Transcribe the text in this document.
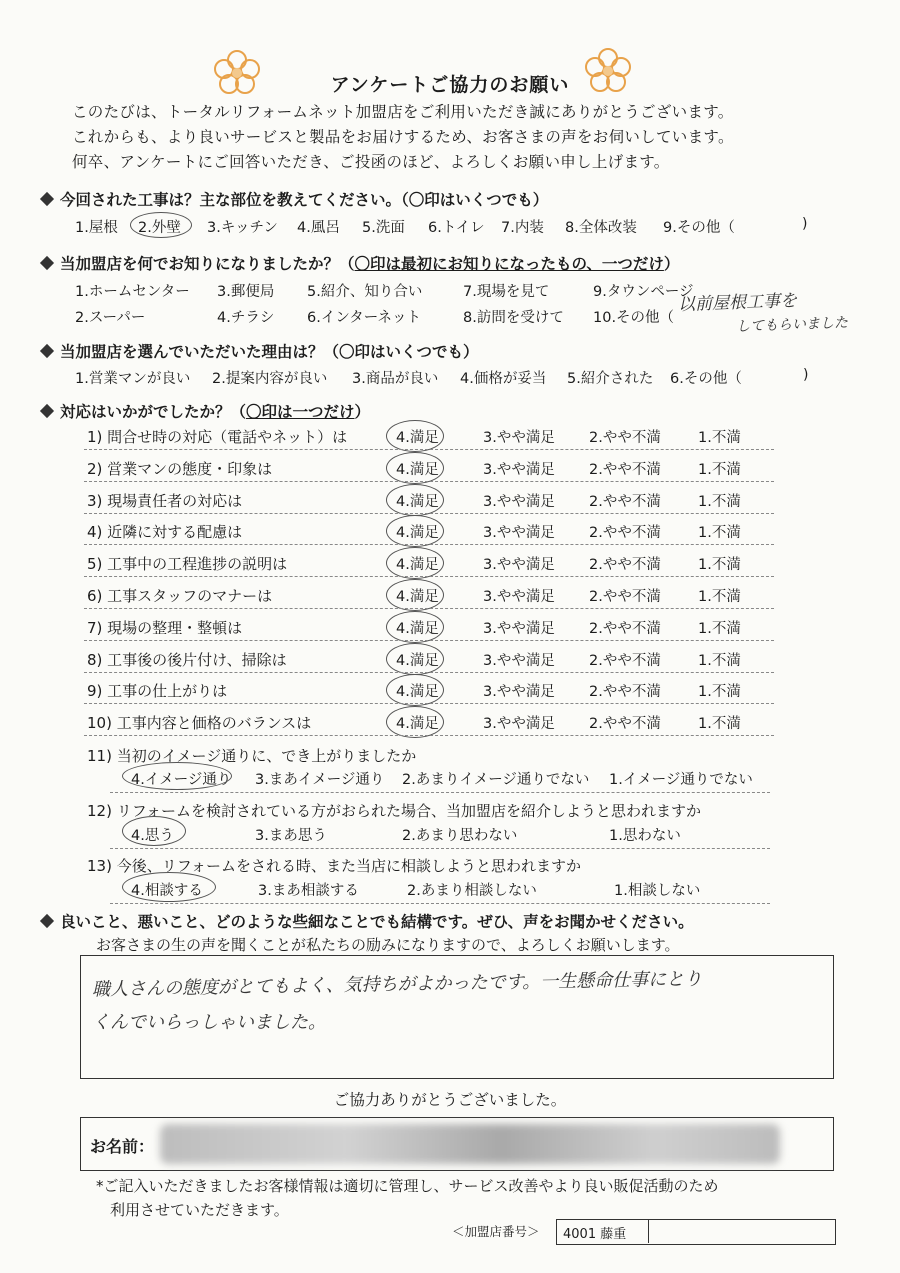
アンケートご協力のお願い
このたびは、トータルリフォームネット加盟店をご利用いただき誠にありがとうございます。
これからも、より良いサービスと製品をお届けするため、お客さまの声をお伺いしています。
何卒、アンケートにご回答いただき、ご投函のほど、よろしくお願い申し上げます。
今回された工事は？主な部位を教えてください。（〇印はいくつでも）
1.屋根 2.外壁 3.キッチン 4.風呂 5.洗面 6.トイレ 7.内装 8.全体改装 9.その他（	)
当加盟店を何でお知りになりましたか？（〇印は最初にお知りになったもの、一つだけ）
1.ホームセンター 3.郵便局 5.紹介、知り合い	7.現場を見て	9.タウンページ
2.スーパー	4.チラシ 6.インターネット	8.訪問を受けて 10.その他（
以前屋根工事を
してもらいました
当加盟店を選んでいただいた理由は？（〇印はいくつでも）
1.営業マンが良い 2.提案内容が良い 3.商品が良い 4.価格が妥当 5.紹介された 6.その他（	)
対応はいかがでしたか？（〇印は一つだけ）
1) 問合せ時の対応（電話やネット）は	4.満足	3.やや満足 2.やや不満	1.不満
2) 営業マンの態度・印象は	4.満足	3.やや満足 2.やや不満	1.不満
3) 現場責任者の対応は	4.満足	3.やや満足 2.やや不満	1.不満
4) 近隣に対する配慮は	4.満足	3.やや満足 2.やや不満	1.不満
5) 工事中の工程進捗の説明は	4.満足	3.やや満足 2.やや不満	1.不満
6) 工事スタッフのマナーは	4.満足	3.やや満足 2.やや不満	1.不満
7) 現場の整理・整頓は	4.満足	3.やや満足 2.やや不満	1.不満
8) 工事後の後片付け、掃除は	4.満足	3.やや満足 2.やや不満	1.不満
9) 工事の仕上がりは	4.満足	3.やや満足 2.やや不満	1.不満
10) 工事内容と価格のバランスは	4.満足	3.やや満足 2.やや不満	1.不満
11) 当初のイメージ通りに、でき上がりましたか
4.イメージ通り 3.まあイメージ通り 2.あまりイメージ通りでない 1.イメージ通りでない
12) リフォームを検討されている方がおられた場合、当加盟店を紹介しようと思われますか
4.思う	3.まあ思う	2.あまり思わない	1.思わない
13) 今後、リフォームをされる時、また当店に相談しようと思われますか
4.相談する	3.まあ相談する	2.あまり相談しない	1.相談しない
良いこと、悪いこと、どのような些細なことでも結構です。ぜひ、声をお聞かせください。
お客さまの生の声を聞くことが私たちの励みになりますので、よろしくお願いします。
職人さんの態度がとてもよく、気持ちがよかったです。一生懸命仕事にとり
くんでいらっしゃいました。
ご協力ありがとうございました。
お名前：
*ご記入いただきましたお客様情報は適切に管理し、サービス改善やより良い販促活動のため
利用させていただきます。
＜加盟店番号＞ 4001 藤重
